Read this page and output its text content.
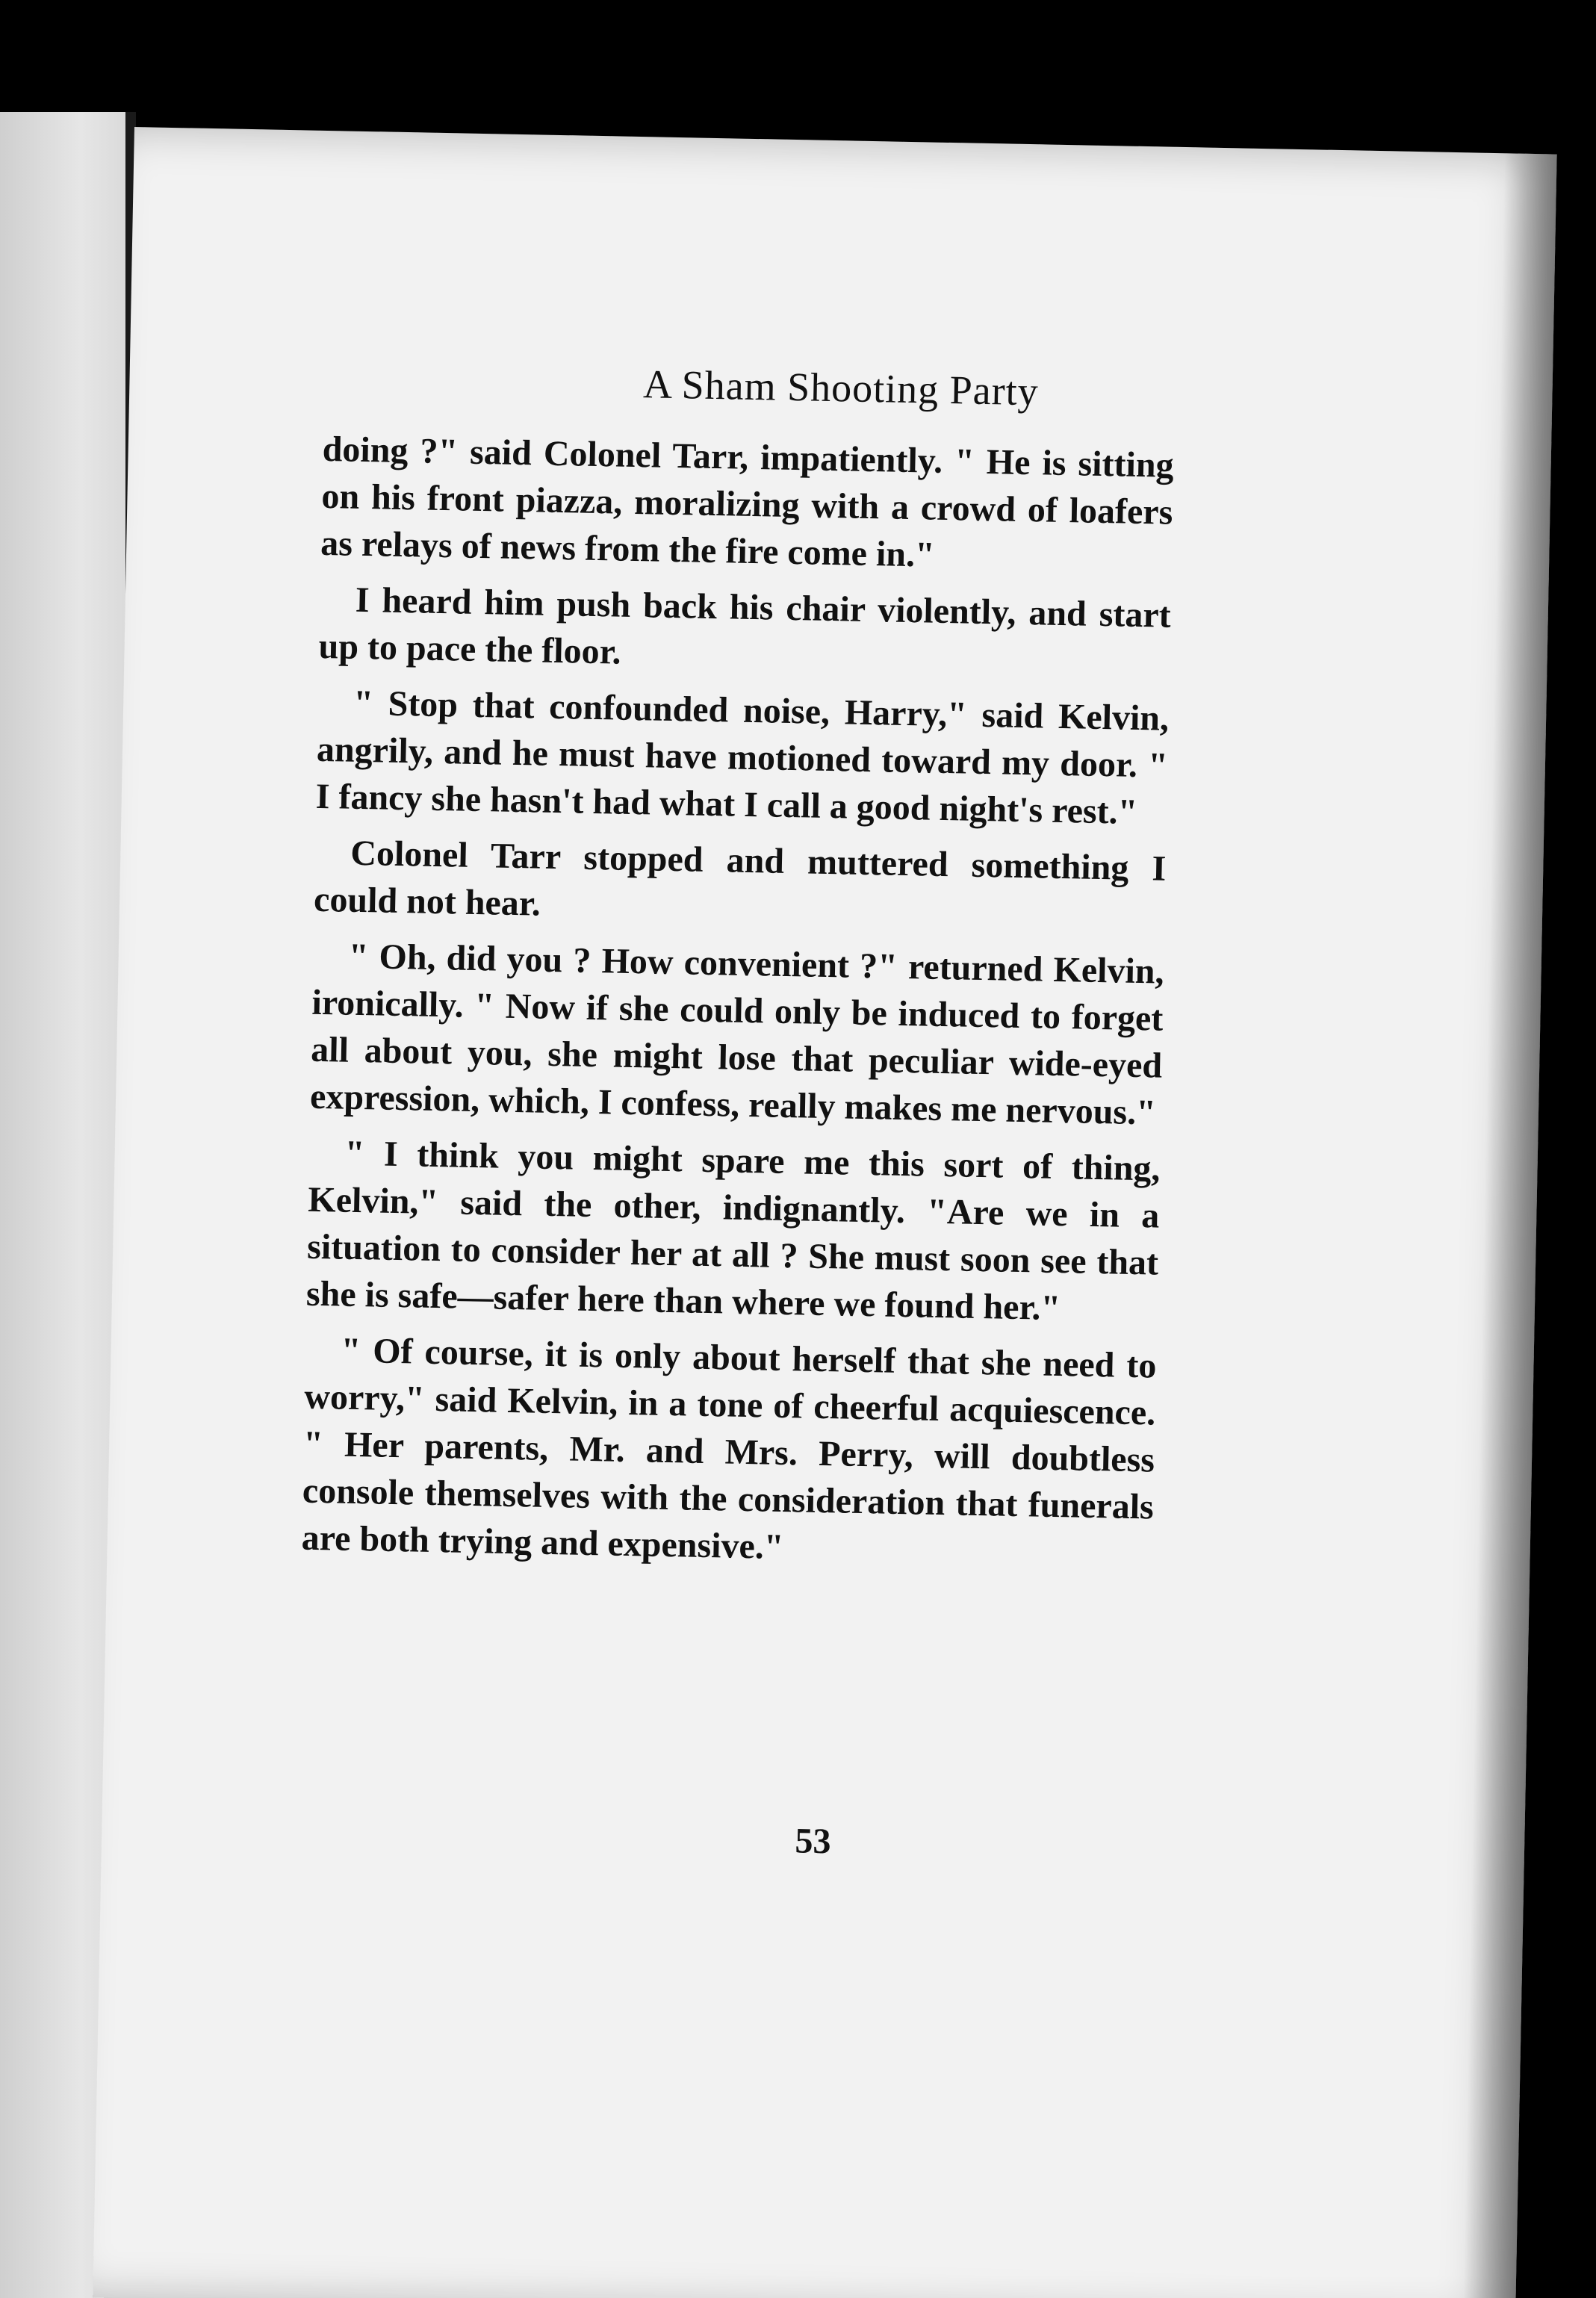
A Sham Shooting Party

doing ?" said Colonel Tarr, impatiently. " He is sitting on his front piazza, moralizing with a crowd of loafers as relays of news from the fire come in."

I heard him push back his chair violently, and start up to pace the floor.

" Stop that confounded noise, Harry," said Kelvin, angrily, and he must have motioned toward my door. " I fancy she hasn't had what I call a good night's rest."

Colonel Tarr stopped and muttered something I could not hear.

" Oh, did you ? How convenient ?" returned Kelvin, ironically. " Now if she could only be induced to forget all about you, she might lose that peculiar wide-eyed expression, which, I confess, really makes me nervous."

" I think you might spare me this sort of thing, Kelvin," said the other, indignantly. "Are we in a situation to consider her at all ? She must soon see that she is safe—safer here than where we found her."

" Of course, it is only about herself that she need to worry," said Kelvin, in a tone of cheerful acquiescence. " Her parents, Mr. and Mrs. Perry, will doubtless console themselves with the consideration that funerals are both trying and expensive."

53
